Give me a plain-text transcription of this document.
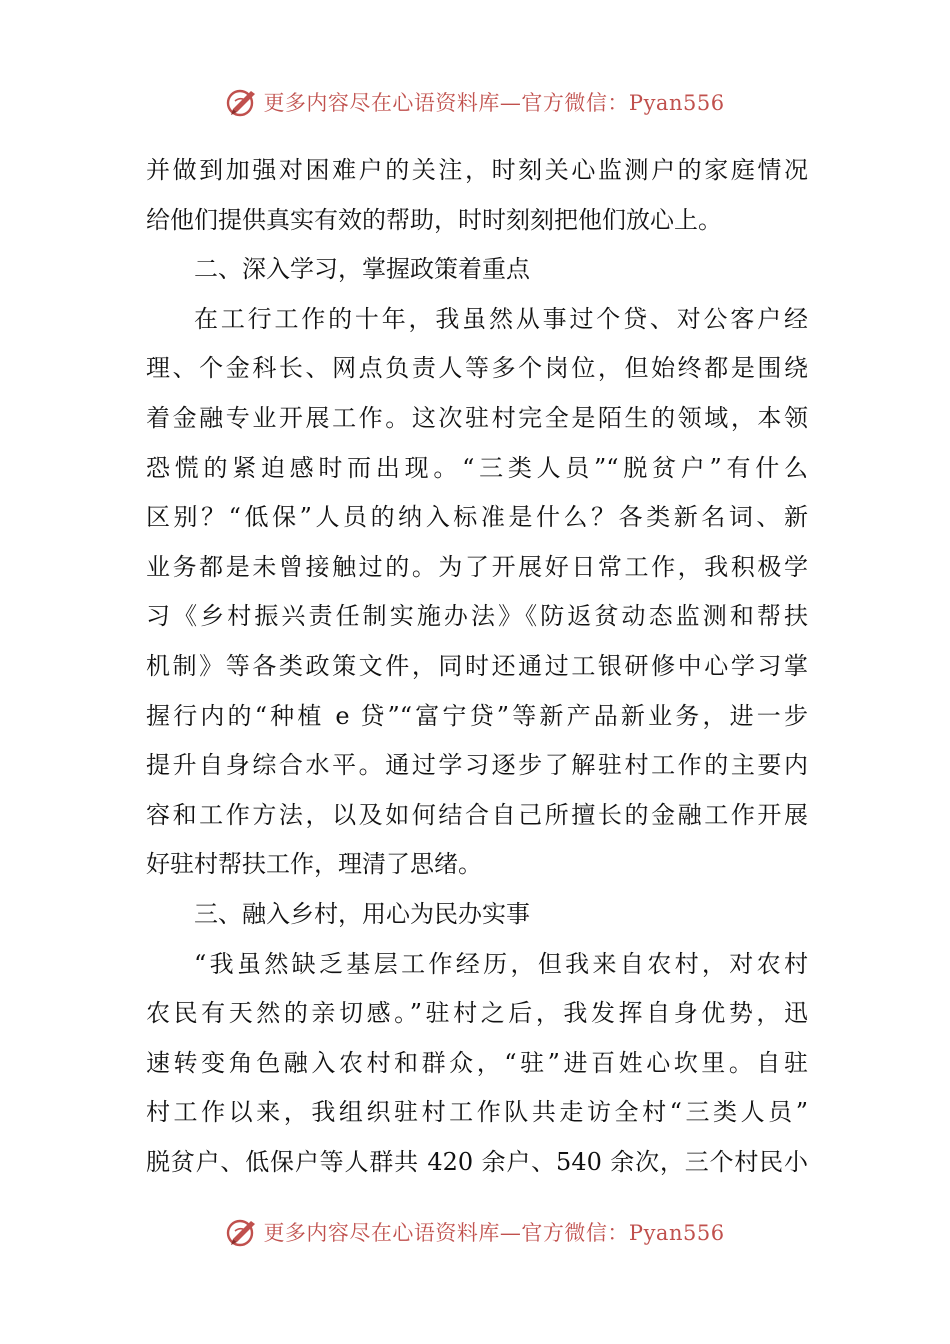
更多内容尽在心语资料库—官方微信：Pyan556
并做到加强对困难户的关注，时刻关心监测户的家庭情况
给他们提供真实有效的帮助，时时刻刻把他们放心上。
二、深入学习，掌握政策着重点
在工行工作的十年，我虽然从事过个贷、对公客户经
理、个金科长、网点负责人等多个岗位，但始终都是围绕
着金融专业开展工作。这次驻村完全是陌生的领域，本领
恐慌的紧迫感时而出现。“三类人员”“脱贫户”有什么
区别？“低保”人员的纳入标准是什么？各类新名词、新
业务都是未曾接触过的。为了开展好日常工作，我积极学
习《乡村振兴责任制实施办法》《防返贫动态监测和帮扶
机制》等各类政策文件，同时还通过工银研修中心学习掌
握行内的“种植 e 贷”“富宁贷”等新产品新业务，进一步
提升自身综合水平。通过学习逐步了解驻村工作的主要内
容和工作方法，以及如何结合自己所擅长的金融工作开展
好驻村帮扶工作，理清了思绪。
三、融入乡村，用心为民办实事
“我虽然缺乏基层工作经历，但我来自农村，对农村
农民有天然的亲切感。”驻村之后，我发挥自身优势，迅
速转变角色融入农村和群众，“驻”进百姓心坎里。自驻
村工作以来，我组织驻村工作队共走访全村“三类人员”
脱贫户、低保户等人群共 420 余户、540 余次，三个村民小
更多内容尽在心语资料库—官方微信：Pyan556
